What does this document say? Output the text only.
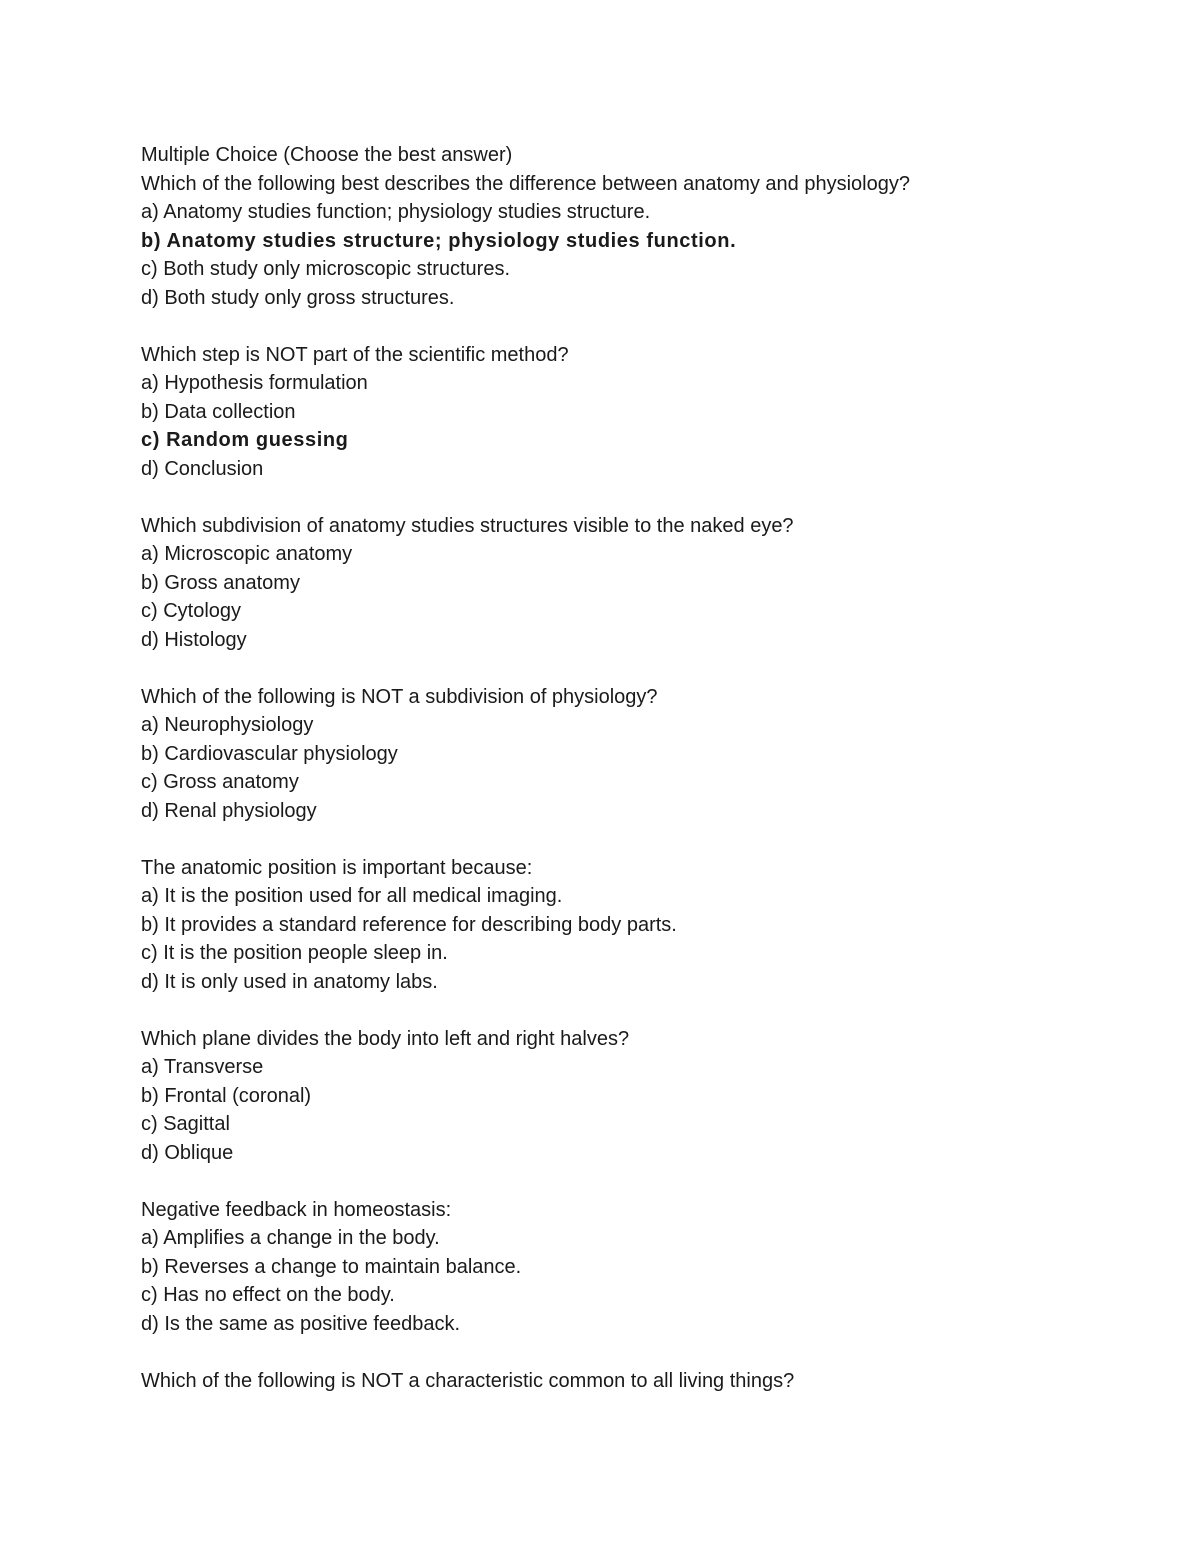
Multiple Choice (Choose the best answer)
Which of the following best describes the difference between anatomy and physiology?
a) Anatomy studies function; physiology studies structure.
b) Anatomy studies structure; physiology studies function.
c) Both study only microscopic structures.
d) Both study only gross structures.
Which step is NOT part of the scientific method?
a) Hypothesis formulation
b) Data collection
c) Random guessing
d) Conclusion
Which subdivision of anatomy studies structures visible to the naked eye?
a) Microscopic anatomy
b) Gross anatomy
c) Cytology
d) Histology
Which of the following is NOT a subdivision of physiology?
a) Neurophysiology
b) Cardiovascular physiology
c) Gross anatomy
d) Renal physiology
The anatomic position is important because:
a) It is the position used for all medical imaging.
b) It provides a standard reference for describing body parts.
c) It is the position people sleep in.
d) It is only used in anatomy labs.
Which plane divides the body into left and right halves?
a) Transverse
b) Frontal (coronal)
c) Sagittal
d) Oblique
Negative feedback in homeostasis:
a) Amplifies a change in the body.
b) Reverses a change to maintain balance.
c) Has no effect on the body.
d) Is the same as positive feedback.
Which of the following is NOT a characteristic common to all living things?
